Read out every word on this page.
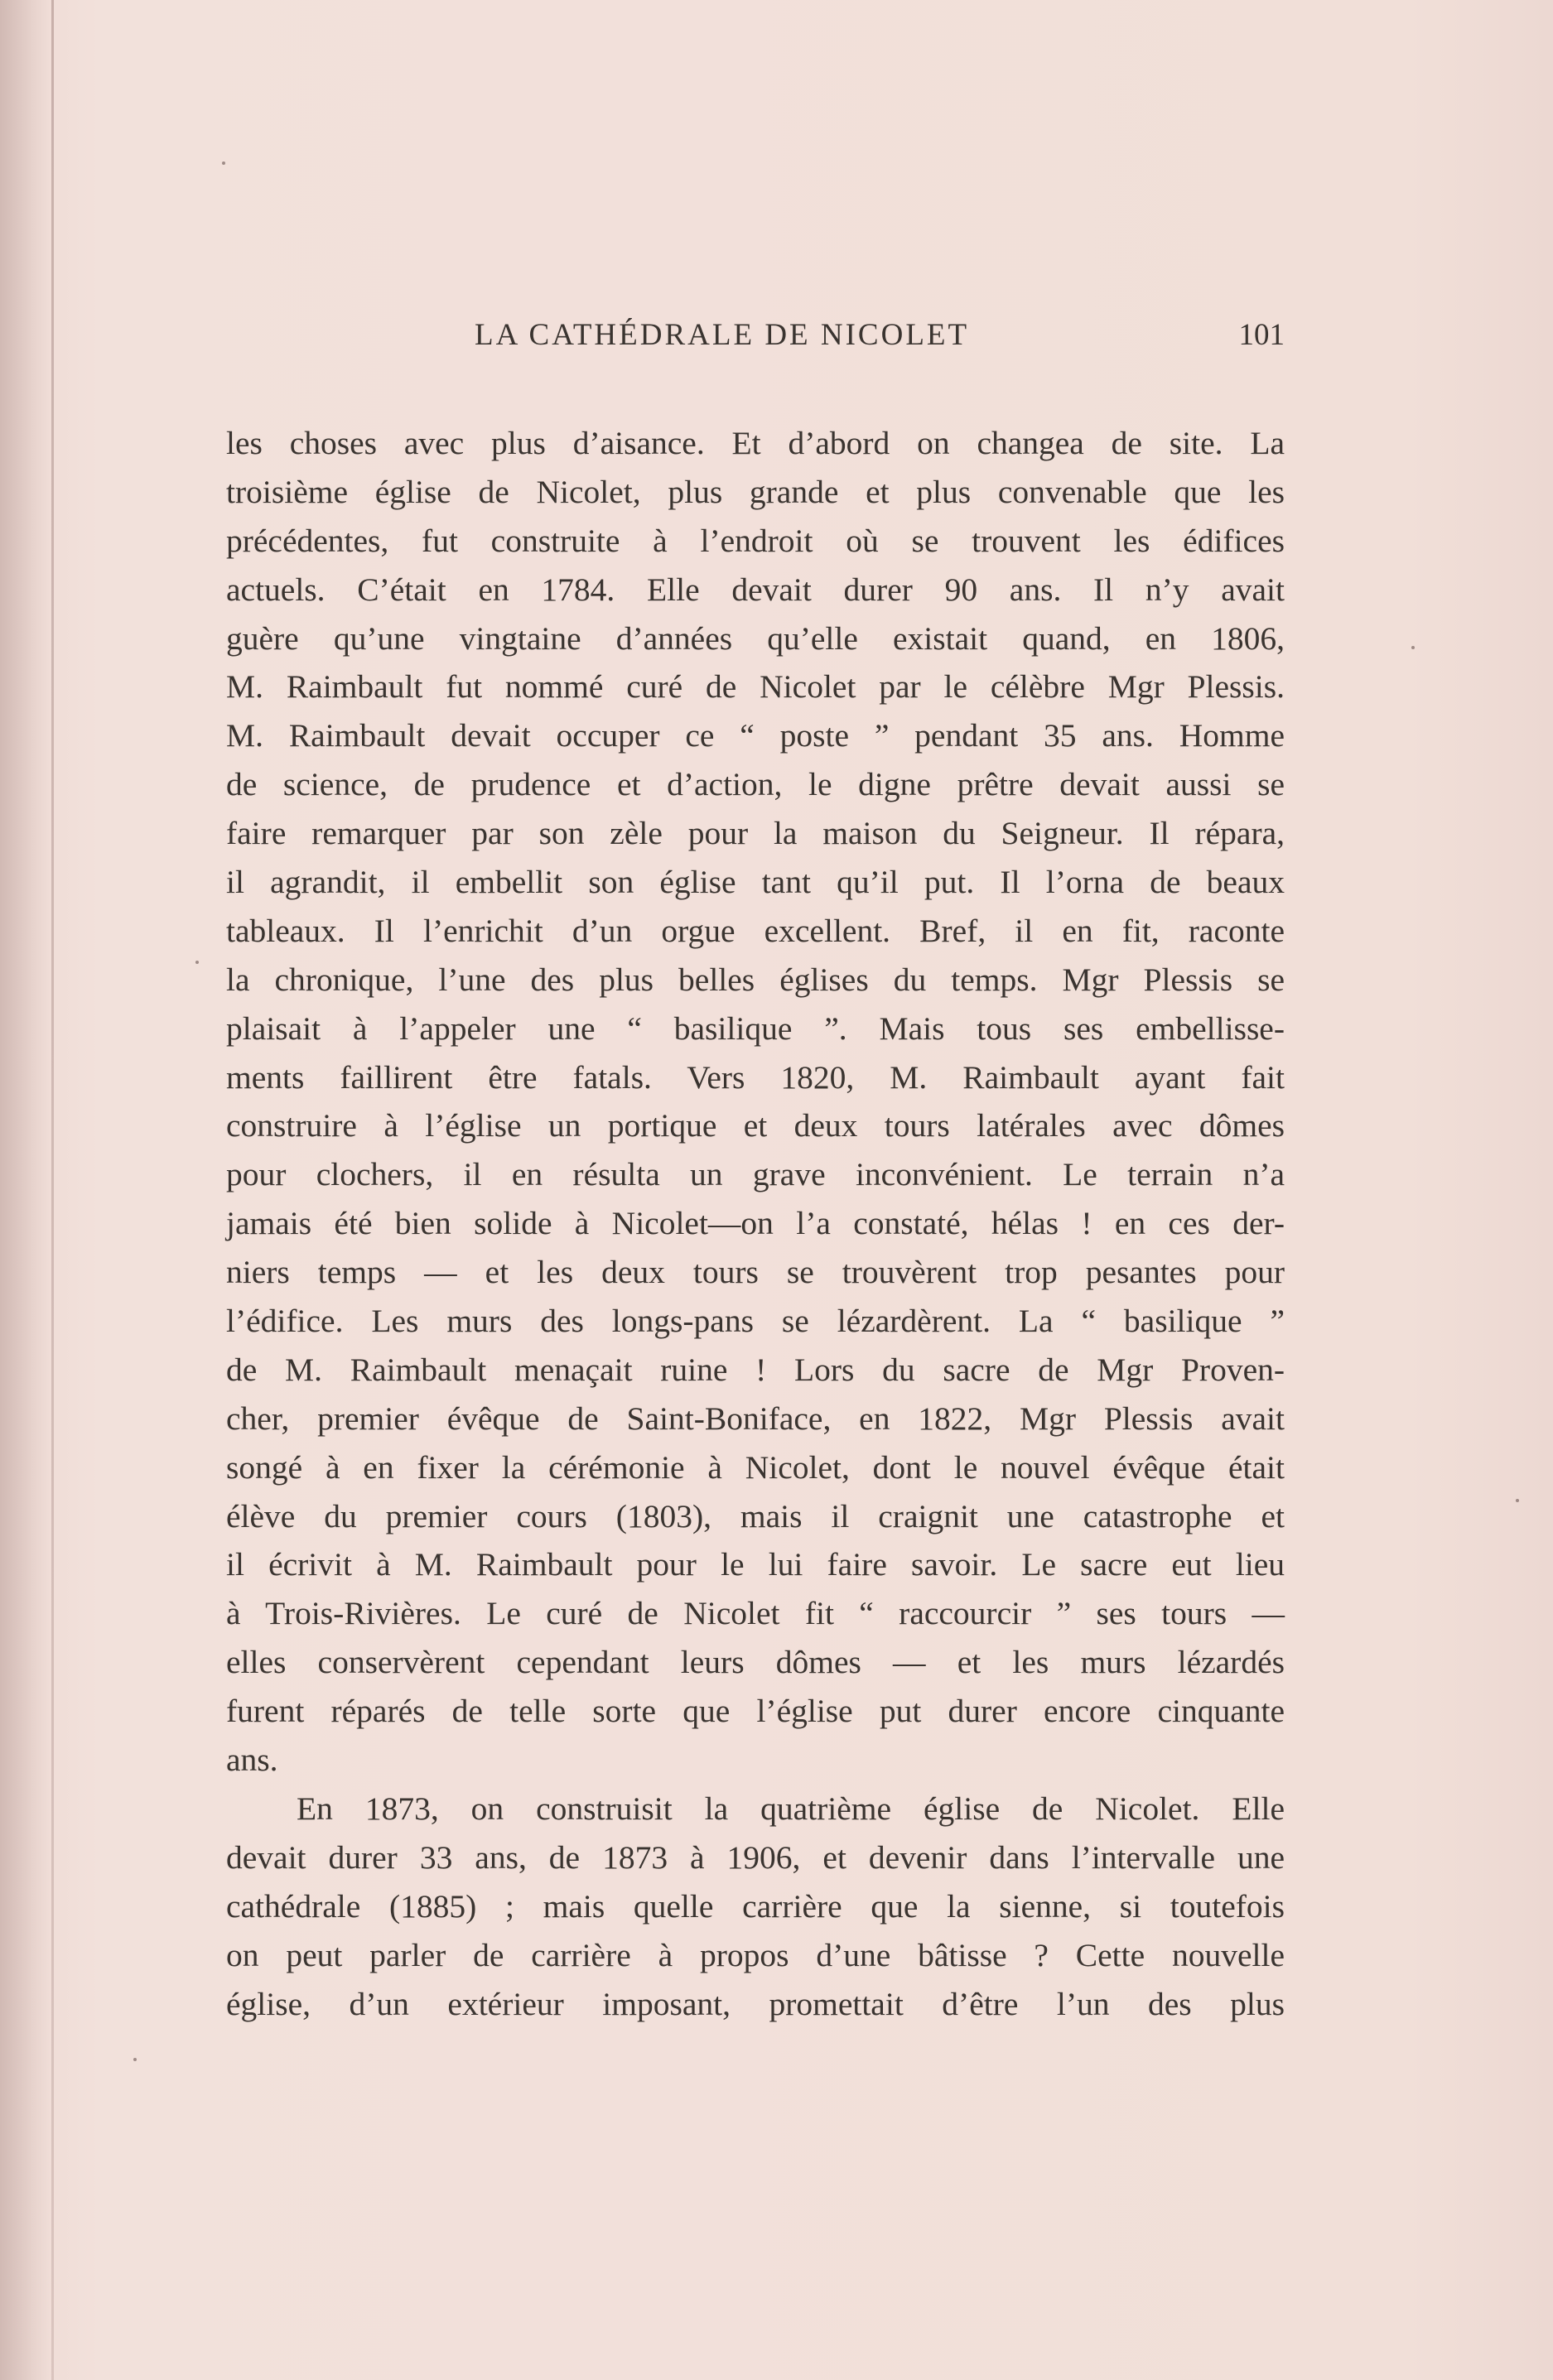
LA CATHÉDRALE DE NICOLET	101
les choses avec plus d’aisance. Et d’abord on changea de site. La
troisième église de Nicolet, plus grande et plus convenable que les
précédentes, fut construite à l’endroit où se trouvent les édifices
actuels. C’était en 1784. Elle devait durer 90 ans. Il n’y avait
guère qu’une vingtaine d’années qu’elle existait quand, en 1806,
M. Raimbault fut nommé curé de Nicolet par le célèbre Mgr Plessis.
M. Raimbault devait occuper ce “ poste ” pendant 35 ans. Homme
de science, de prudence et d’action, le digne prêtre devait aussi se
faire remarquer par son zèle pour la maison du Seigneur. Il répara,
il agrandit, il embellit son église tant qu’il put. Il l’orna de beaux
tableaux. Il l’enrichit d’un orgue excellent. Bref, il en fit, raconte
la chronique, l’une des plus belles églises du temps. Mgr Plessis se
plaisait à l’appeler une “ basilique ”. Mais tous ses embellisse-
ments faillirent être fatals. Vers 1820, M. Raimbault ayant fait
construire à l’église un portique et deux tours latérales avec dômes
pour clochers, il en résulta un grave inconvénient. Le terrain n’a
jamais été bien solide à Nicolet—on l’a constaté, hélas ! en ces der-
niers temps — et les deux tours se trouvèrent trop pesantes pour
l’édifice. Les murs des longs-pans se lézardèrent. La “ basilique ”
de M. Raimbault menaçait ruine ! Lors du sacre de Mgr Proven-
cher, premier évêque de Saint-Boniface, en 1822, Mgr Plessis avait
songé à en fixer la cérémonie à Nicolet, dont le nouvel évêque était
élève du premier cours (1803), mais il craignit une catastrophe et
il écrivit à M. Raimbault pour le lui faire savoir. Le sacre eut lieu
à Trois-Rivières. Le curé de Nicolet fit “ raccourcir ” ses tours —
elles conservèrent cependant leurs dômes — et les murs lézardés
furent réparés de telle sorte que l’église put durer encore cinquante
ans.
En 1873, on construisit la quatrième église de Nicolet. Elle
devait durer 33 ans, de 1873 à 1906, et devenir dans l’intervalle une
cathédrale (1885) ; mais quelle carrière que la sienne, si toutefois
on peut parler de carrière à propos d’une bâtisse ? Cette nouvelle
église, d’un extérieur imposant, promettait d’être l’un des plus
